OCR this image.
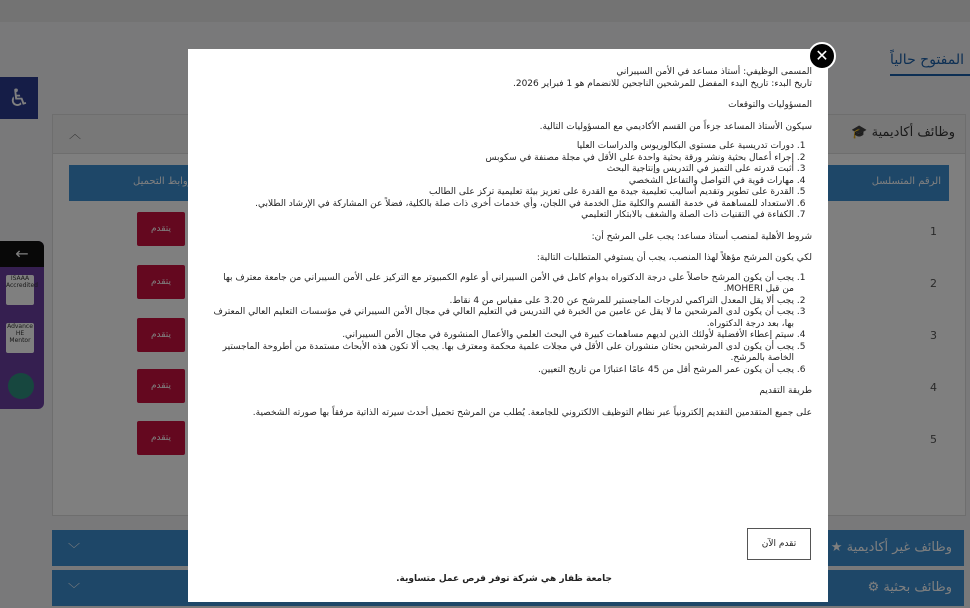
المسمى الوظيفي: أستاذ مساعد في الأمن السيبراني

تاريخ البدء: تاريخ البدء المفضل للمرشحين الناجحين للانضمام هو 1 فبراير 2026.

المسؤوليات والتوقعات

سيكون الأستاذ المساعد جزءاً من القسم الأكاديمي مع المسؤوليات التالية.

1. دورات تدريسية على مستوى البكالوريوس والدراسات العليا
2. إجراء أعمال بحثية ونشر ورقة بحثية واحدة على الأقل في مجلة مصنفة في سكوبس
3. أثبت قدرته على التميز في التدريس وإنتاجية البحث
4. مهارات قوية في التواصل والتفاعل الشخصي
5. القدرة على تطوير وتقديم أساليب تعليمية جيدة مع القدرة على تعزيز بيئة تعليمية تركز على الطالب
6. الاستعداد للمساهمة في خدمة القسم والكلية مثل الخدمة في اللجان، وأي خدمات أخرى ذات صلة بالكلية، فضلاً عن المشاركة في الإرشاد الطلابي.
7. الكفاءة في التقنيات ذات الصلة والشغف بالابتكار التعليمي

شروط الأهلية لمنصب أستاذ مساعد: يجب على المرشح أن:

لكي يكون المرشح مؤهلاً لهذا المنصب، يجب أن يستوفي المتطلبات التالية:

1. يجب أن يكون المرشح حاصلاً على درجة الدكتوراه بدوام كامل في الأمن السيبراني أو علوم الكمبيوتر مع التركيز على الأمن السيبراني من جامعة معترف بها من قبل MOHERI.
2. يجب ألا يقل المعدل التراكمي لدرجات الماجستير للمرشح عن 3.20 على مقياس من 4 نقاط.
3. يجب أن يكون لدى المرشحين ما لا يقل عن عامين من الخبرة في التدريس في التعليم العالي في مجال الأمن السيبراني في مؤسسات التعليم العالي المعترف بها، بعد درجة الدكتوراه.
4. سيتم إعطاء الأفضلية لأولئك الذين لديهم مساهمات كبيرة في البحث العلمي والأعمال المنشورة في مجال الأمن السيبراني.
5. يجب أن يكون لدى المرشحين بحثان منشوران على الأقل في مجلات علمية محكمة ومعترف بها. يجب ألا تكون هذه الأبحاث مستمدة من أطروحة الماجستير الخاصة بالمرشح.
6. يجب أن يكون عمر المرشح أقل من 45 عامًا اعتبارًا من تاريخ التعيين.

طريقة التقديم

على جميع المتقدمين التقديم إلكترونياً عبر نظام التوظيف الالكتروني للجامعة. يُطلب من المرشح تحميل أحدث سيرته الذاتية مرفقاً بها صورته الشخصية.

تقدم الآن
جامعة ظفار هي شركة توفر فرص عمل متساوية.
✕
